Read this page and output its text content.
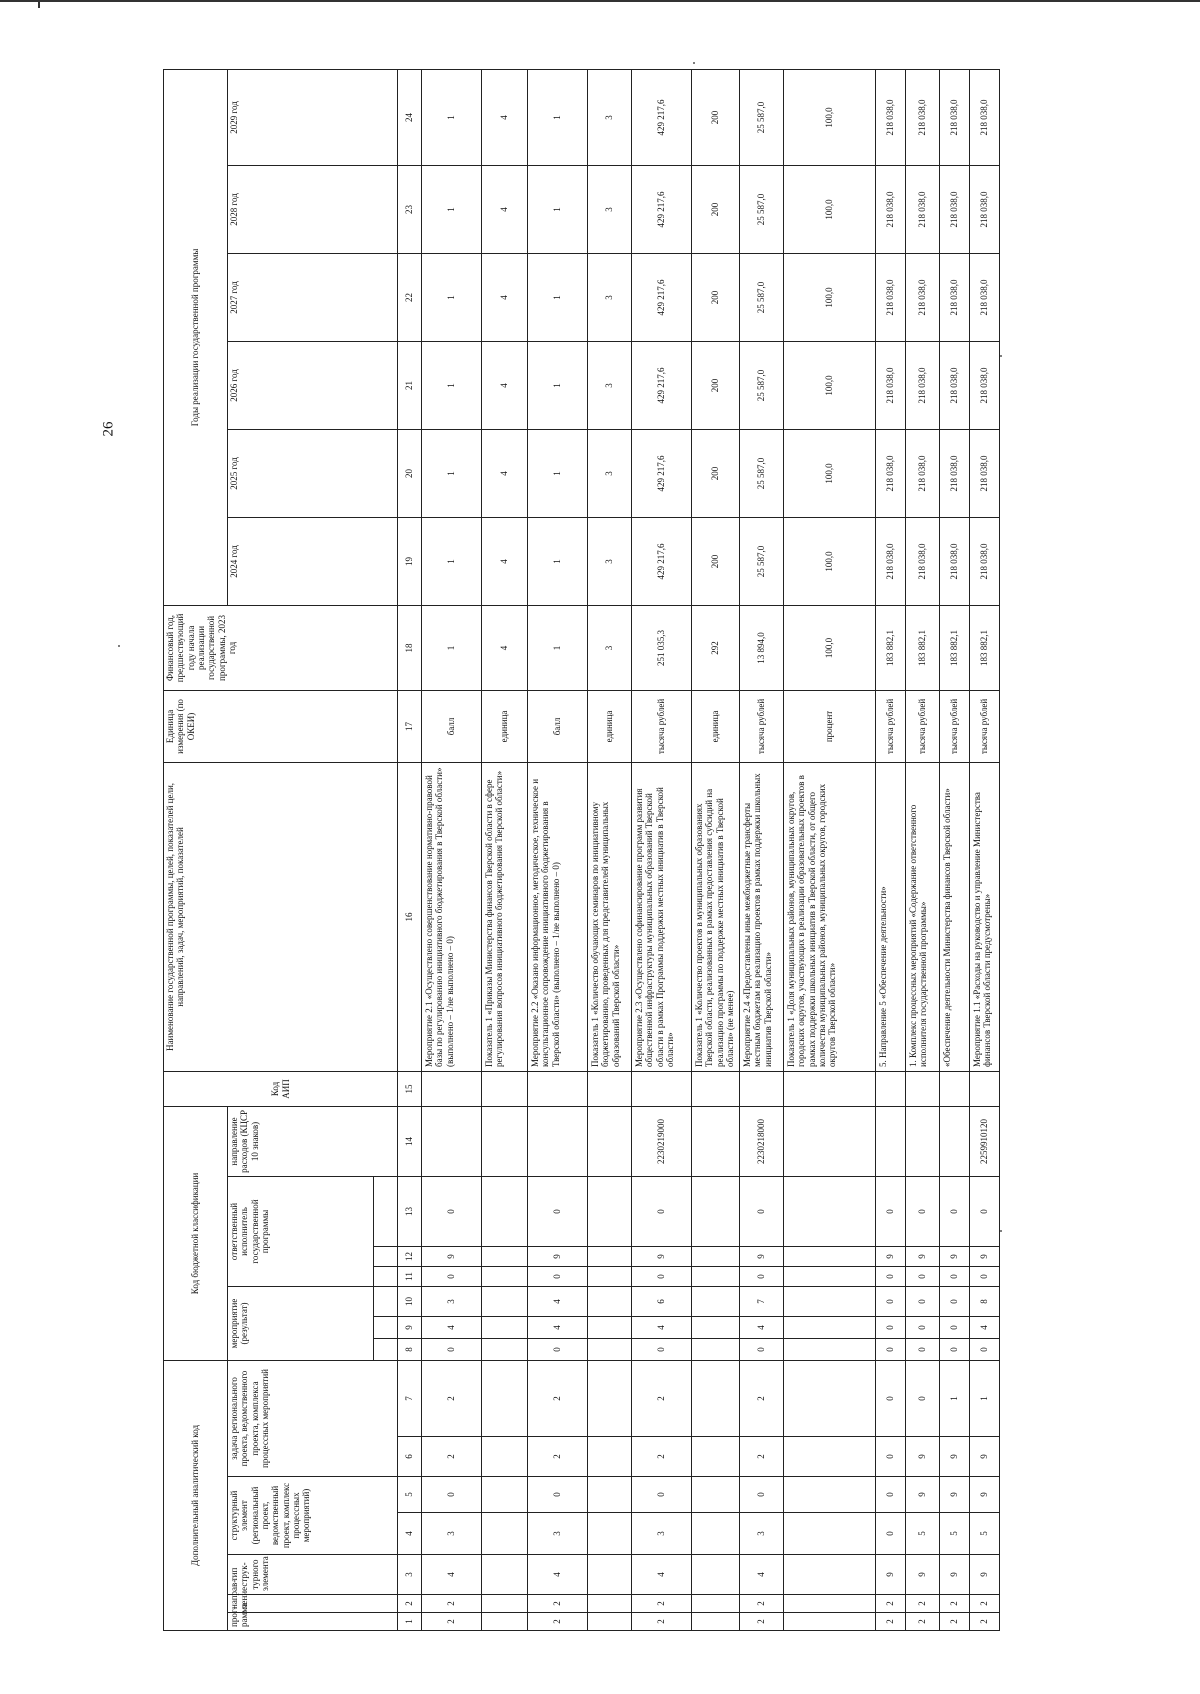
26
Дополнительный аналитический код							Код бюджетной классификации							Код АИП	Наименование государственной программы, целей, показателей цели, направлений, задач, мероприятий, показателей	Единица измерения (по ОКЕИ)	Финансовый год, предшествующий году начала реализации государственной программы, 2023 год	Годы реализации государственной программы					
прог-рамма	направ-ление	тип струк-турного элемента	структурный элемент (региональный проект, ведомственный проект, комплекс процессных мероприятий)		задача регионального проекта, ведомственного проекта, комплекса процессных мероприятий		мероприятие (результат)			ответственный исполнитель государственной программы			направление расходов (КЦСР 10 знаков)					2024 год	2025 год	2026 год	2027 год	2028 год	2029 год

1	2	3	4	5	6	7	8	9	10	11	12	13	14	15	16	17	18	19	20	21	22	23	24
2	2	4	3	0	2	2	0	4	3	0	9	0			Мероприятие 2.1 «Осуществлено совершенствование нормативно-правовой базы по регулированию инициативного бюджетирования в Тверской области» (выполнено – 1/не выполнено – 0)	балл	1	1	1	1	1	1	1
															Показатель 1 «Приказы Министерства финансов Тверской области в сфере регулирования вопросов инициативного бюджетирования Тверской области»	единица	4	4	4	4	4	4	4
2	2	4	3	0	2	2	0	4	4	0	9	0			Мероприятие 2.2 «Оказано информационное, методическое, техническое и консультационное сопровождение инициативного бюджетирования в Тверской области» (выполнено – 1/не выполнено – 0)	балл	1	1	1	1	1	1	1
															Показатель 1 «Количество обучающих семинаров по инициативному бюджетированию, проведенных для представителей муниципальных образований Тверской области»	единица	3	3	3	3	3	3	3
2	2	4	3	0	2	2	0	4	6	0	9	0	2230219000		Мероприятие 2.3 «Осуществлено софинансирование программ развития общественной инфраструктуры муниципальных образований Тверской области в рамках Программы поддержки местных инициатив в Тверской области»	тысяча рублей	251 035,3	429 217,6	429 217,6	429 217,6	429 217,6	429 217,6	429 217,6
															Показатель 1 «Количество проектов в муниципальных образованиях Тверской области, реализованных в рамках предоставления субсидий на реализацию программы по поддержке местных инициатив в Тверской области» (не менее)	единица	292	200	200	200	200	200	200
2	2	4	3	0	2	2	0	4	7	0	9	0	2230218000		Мероприятие 2.4 «Предоставлены иные межбюджетные трансферты местным бюджетам на реализацию проектов в рамках поддержки школьных инициатив Тверской области»	тысяча рублей	13 894,0	25 587,0	25 587,0	25 587,0	25 587,0	25 587,0	25 587,0
															Показатель 1 «Доля муниципальных районов, муниципальных округов, городских округов, участвующих в реализации образовательных проектов в рамках поддержки школьных инициатив в Тверской области, от общего количества муниципальных районов, муниципальных округов, городских округов Тверской области»	процент	100,0	100,0	100,0	100,0	100,0	100,0	100,0
2	2	9	0	0	0	0	0	0	0	0	9	0			5. Направление 5 «Обеспечение деятельности»	тысяча рублей	183 882,1	218 038,0	218 038,0	218 038,0	218 038,0	218 038,0	218 038,0
2	2	9	5	9	9	0	0	0	0	0	9	0			1. Комплекс процессных мероприятий «Содержание ответственного исполнителя государственной программы»	тысяча рублей	183 882,1	218 038,0	218 038,0	218 038,0	218 038,0	218 038,0	218 038,0
2	2	9	5	9	9	1	0	0	0	0	9	0			«Обеспечение деятельности Министерства финансов Тверской области»	тысяча рублей	183 882,1	218 038,0	218 038,0	218 038,0	218 038,0	218 038,0	218 038,0
2	2	9	5	9	9	1	0	4	8	0	9	0	2259910120		Мероприятие 1.1 «Расходы на руководство и управление Министерства финансов Тверской области предусмотрены»	тысяча рублей	183 882,1	218 038,0	218 038,0	218 038,0	218 038,0	218 038,0	218 038,0
